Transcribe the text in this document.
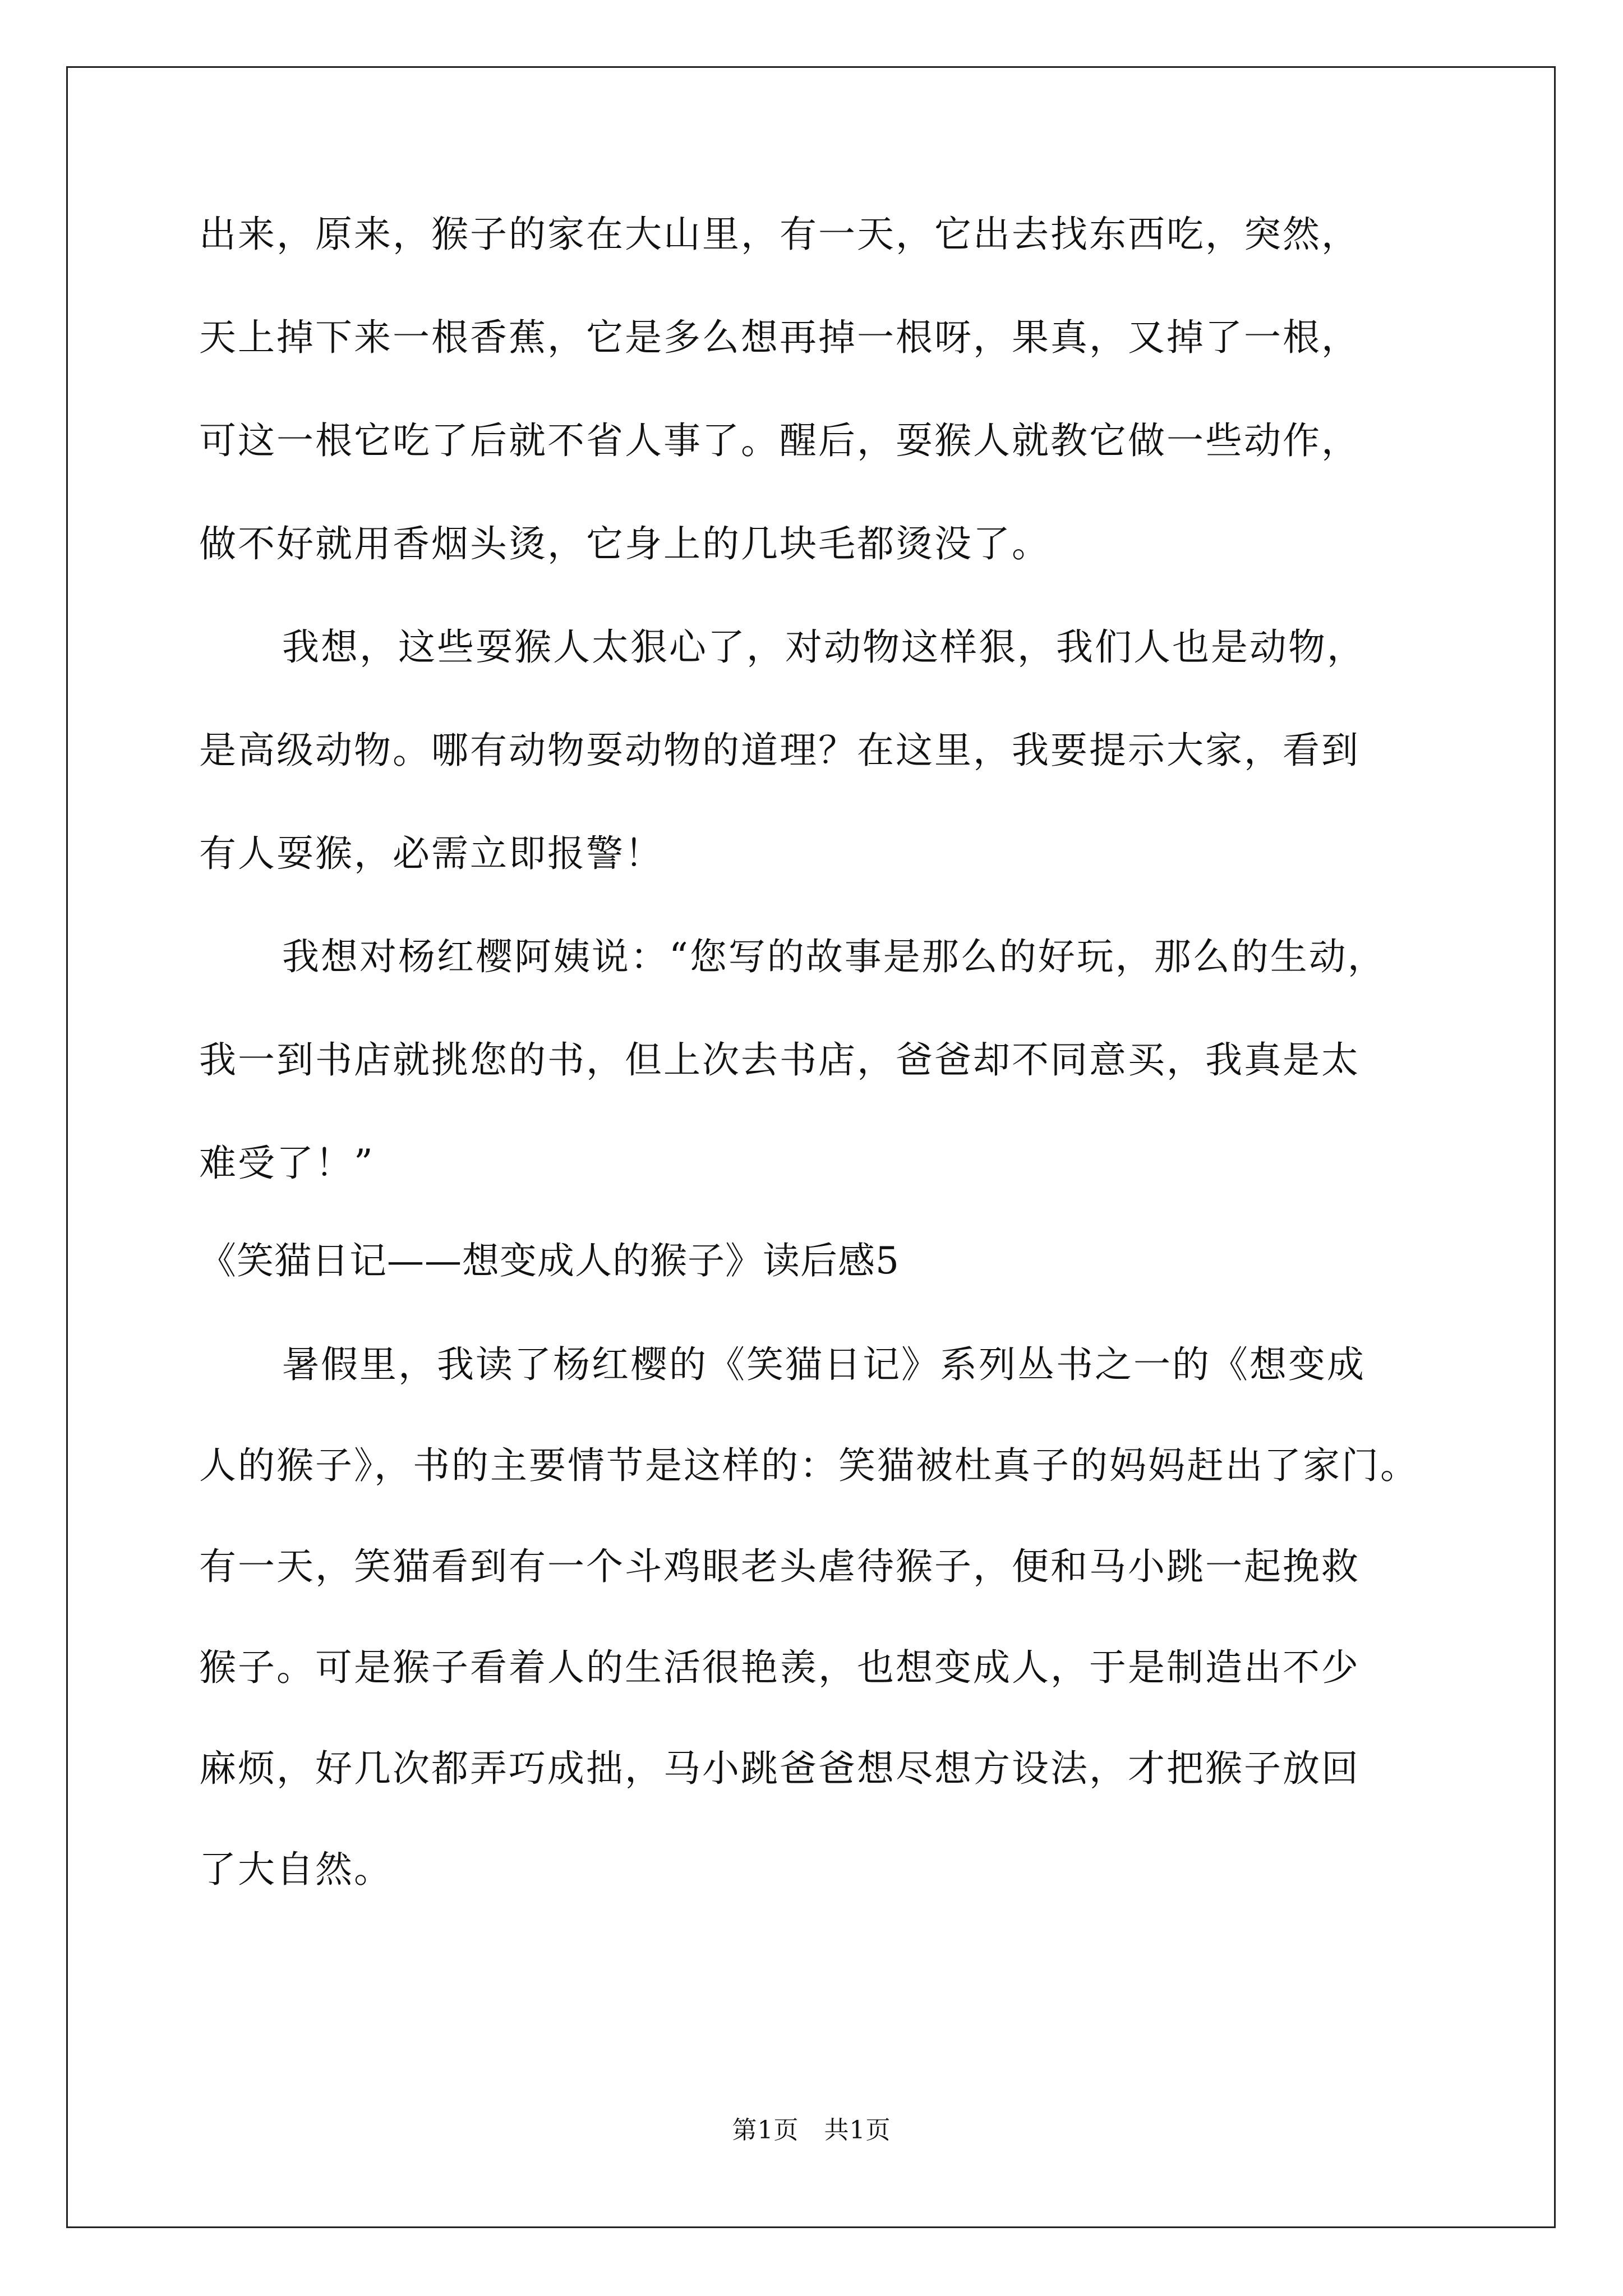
出来，原来，猴子的家在大山里，有一天，它出去找东西吃，突然，
天上掉下来一根香蕉，它是多么想再掉一根呀，果真，又掉了一根，
可这一根它吃了后就不省人事了。醒后，耍猴人就教它做一些动作，
做不好就用香烟头烫，它身上的几块毛都烫没了。
我想，这些耍猴人太狠心了，对动物这样狠，我们人也是动物，
是高级动物。哪有动物耍动物的道理？在这里，我要提示大家，看到
有人耍猴，必需立即报警！
我想对杨红樱阿姨说：“您写的故事是那么的好玩，那么的生动，
我一到书店就挑您的书，但上次去书店，爸爸却不同意买，我真是太
难受了！”
《笑猫日记——想变成人的猴子》读后感5
暑假里，我读了杨红樱的《笑猫日记》系列丛书之一的《想变成
人的猴子》，书的主要情节是这样的：笑猫被杜真子的妈妈赶出了家门。
有一天，笑猫看到有一个斗鸡眼老头虐待猴子，便和马小跳一起挽救
猴子。可是猴子看着人的生活很艳羡，也想变成人，于是制造出不少
麻烦，好几次都弄巧成拙，马小跳爸爸想尽想方设法，才把猴子放回
了大自然。
第1页 共1页
